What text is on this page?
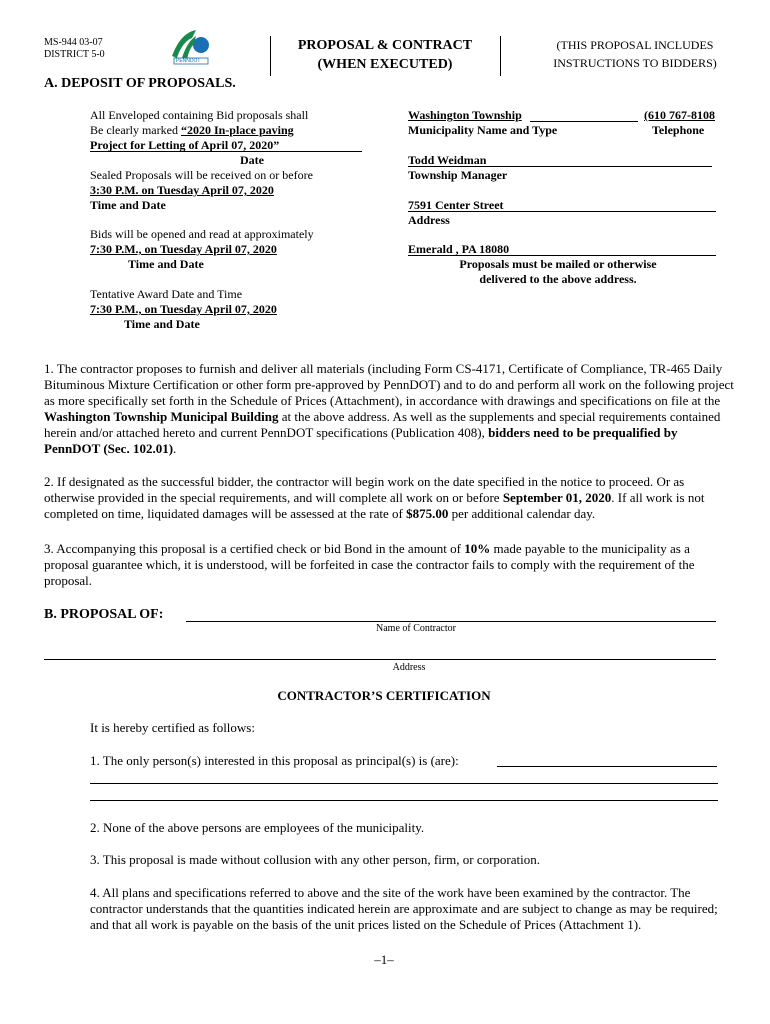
MS-944 03-07
DISTRICT 5-0
PENNDOT
PROPOSAL & CONTRACT
(WHEN EXECUTED)
(THIS PROPOSAL INCLUDES
INSTRUCTIONS TO BIDDERS)
A. DEPOSIT OF PROPOSALS.
All Enveloped containing Bid proposals shall
Be clearly marked “2020 In-place paving
Project for Letting of April 07, 2020”
Date
Sealed Proposals will be received on or before
3:30 P.M. on Tuesday April 07, 2020
Time and Date
Bids will be opened and read at approximately
7:30 P.M., on Tuesday April 07, 2020
Time and Date
Tentative Award Date and Time
7:30 P.M., on Tuesday April 07, 2020
Time and Date
Washington Township	(610 767-8108
Municipality Name and Type	Telephone
Todd Weidman
Township Manager
7591 Center Street
Address
Emerald , PA 18080
Proposals must be mailed or otherwise
delivered to the above address.
1. The contractor proposes to furnish and deliver all materials (including Form CS-4171, Certificate of Compliance, TR-465 Daily Bituminous Mixture Certification or other form pre-approved by PennDOT) and to do and perform all work on the following project as more specifically set forth in the Schedule of Prices (Attachment), in accordance with drawings and specifications on file at the Washington Township Municipal Building at the above address. As well as the supplements and special requirements contained herein and/or attached hereto and current PennDOT specifications (Publication 408), bidders need to be prequalified by PennDOT (Sec. 102.01).
2. If designated as the successful bidder, the contractor will begin work on the date specified in the notice to proceed. Or as otherwise provided in the special requirements, and will complete all work on or before September 01, 2020. If all work is not completed on time, liquidated damages will be assessed at the rate of $875.00 per additional calendar day.
3. Accompanying this proposal is a certified check or bid Bond in the amount of 10% made payable to the municipality as a proposal guarantee which, it is understood, will be forfeited in case the contractor fails to comply with the requirement of the proposal.
B. PROPOSAL OF:
Name of Contractor
Address
CONTRACTOR’S CERTIFICATION
It is hereby certified as follows:
1. The only person(s) interested in this proposal as principal(s) is (are):
2. None of the above persons are employees of the municipality.
3. This proposal is made without collusion with any other person, firm, or corporation.
4. All plans and specifications referred to above and the site of the work have been examined by the contractor. The contractor understands that the quantities indicated herein are approximate and are subject to change as may be required; and that all work is payable on the basis of the unit prices listed on the Schedule of Prices (Attachment 1).
–1–
